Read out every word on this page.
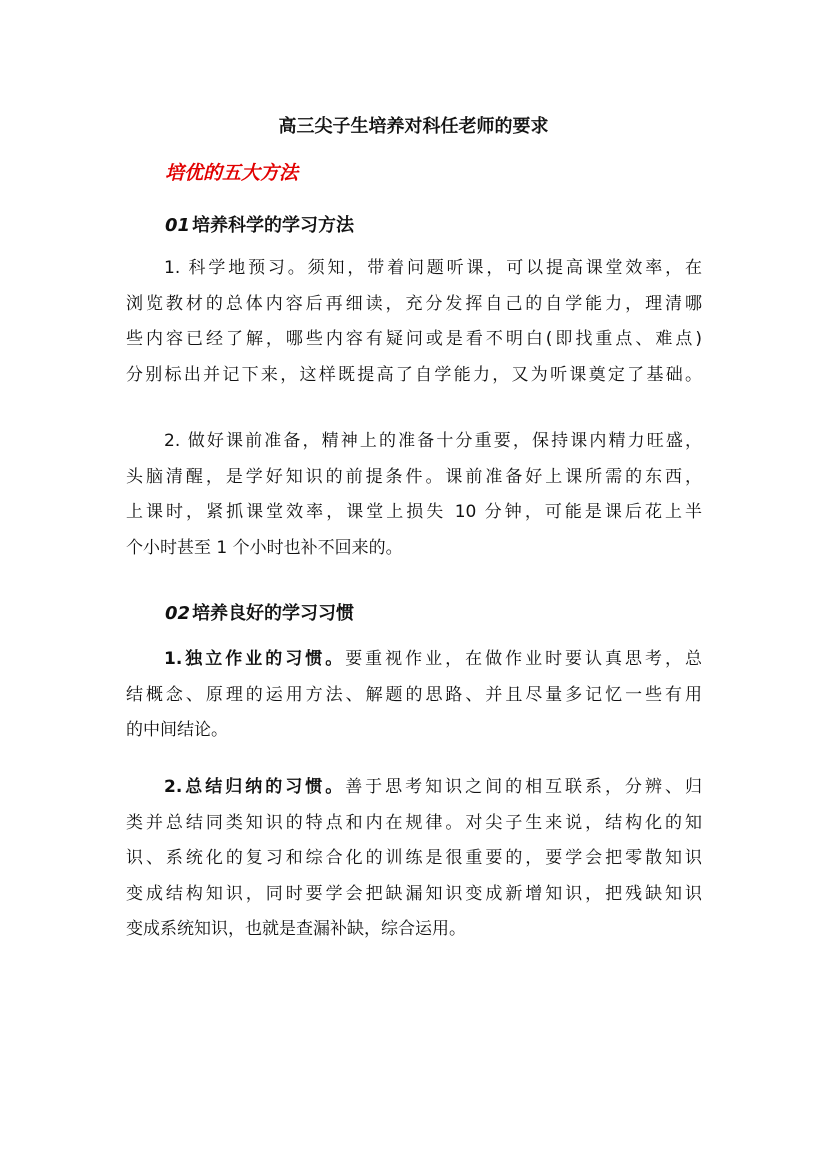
高三尖子生培养对科任老师的要求
培优的五大方法
01 培养科学的学习方法
1. 科学地预习。须知，带着问题听课，可以提高课堂效率，在
浏览教材的总体内容后再细读，充分发挥自己的自学能力，理清哪
些内容已经了解，哪些内容有疑问或是看不明白(即找重点、难点)
分别标出并记下来，这样既提高了自学能力，又为听课奠定了基础。
2. 做好课前准备，精神上的准备十分重要，保持课内精力旺盛，
头脑清醒，是学好知识的前提条件。课前准备好上课所需的东西，
上课时，紧抓课堂效率，课堂上损失 10 分钟，可能是课后花上半
个小时甚至 1 个小时也补不回来的。
02 培养良好的学习习惯
1.独立作业的习惯。要重视作业，在做作业时要认真思考，总
结概念、原理的运用方法、解题的思路、并且尽量多记忆一些有用
的中间结论。
2.总结归纳的习惯。善于思考知识之间的相互联系，分辨、归
类并总结同类知识的特点和内在规律。对尖子生来说，结构化的知
识、系统化的复习和综合化的训练是很重要的，要学会把零散知识
变成结构知识，同时要学会把缺漏知识变成新增知识，把残缺知识
变成系统知识，也就是查漏补缺，综合运用。
